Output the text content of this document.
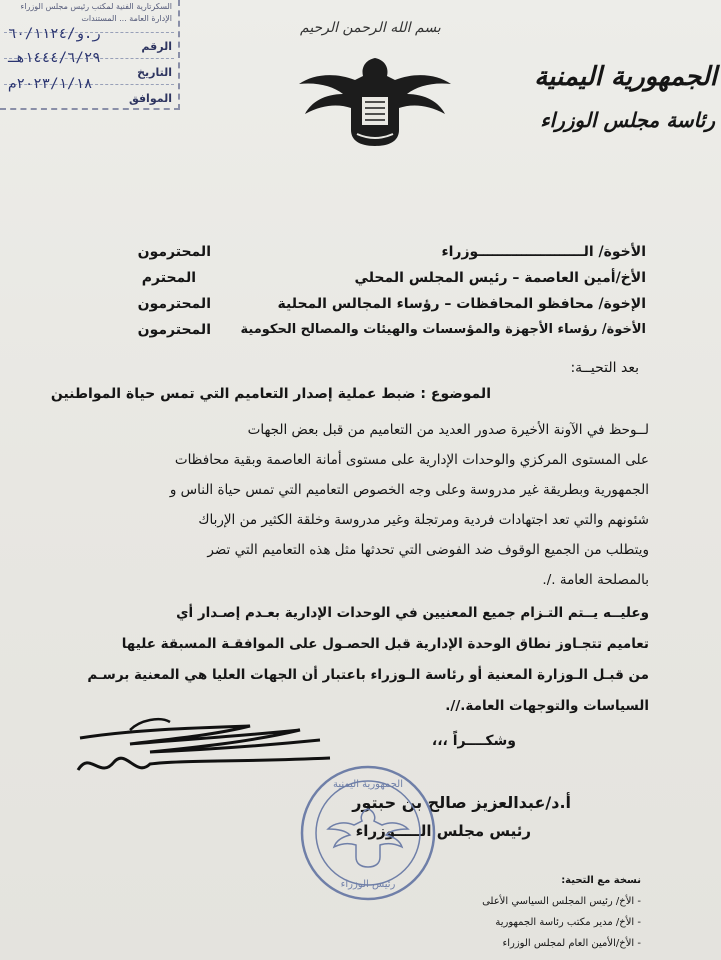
السكرتارية الفنية لمكتب رئيس مجلس الوزراء
الإدارة العامة ... المستندات
الرقم
ر.و/٦٠/١١٢٤
التاريخ
١٤٤٤/٦/٢٩هـ
الموافق
٢٠٢٣/١/١٨م
بسم الله الرحمن الرحيم
الجمهورية اليمنية
رئاسة مجلس الوزراء
الأخوة/ الــــــــــــــــــــــوزراء
المحترمون
الأخ/أمين العاصمة – رئيس المجلس المحلي
المحترم
الإخوة/ محافظو المحافظات – رؤساء المجالس المحلية
المحترمون
الأخوة/ رؤساء الأجهزة والمؤسسات والهيئات والمصالح الحكومية
المحترمون
بعد التحيــة:
الموضوع : ضبط عملية إصدار التعاميم التي تمس حياة المواطنين
لــوحظ في الآونة الأخيرة صدور العديد من التعاميم من قبل بعض الجهات
على المستوى المركزي والوحدات الإدارية على مستوى أمانة العاصمة وبقية محافظات
الجمهورية وبطريقة غير مدروسة وعلى وجه الخصوص التعاميم التي تمس حياة الناس و
شئونهم والتي تعد اجتهادات فردية ومرتجلة وغير مدروسة وخلقة الكثير من الإرباك
ويتطلب من الجميع الوقوف ضد الفوضى التي تحدثها مثل هذه التعاميم التي تضر
بالمصلحة العامة ./.
وعليــه يــتم التـزام جميع المعنيين في الوحدات الإدارية بعـدم إصـدار أي
تعاميم تتجـاوز نطاق الوحدة الإدارية قبل الحصـول على الموافقـة المسبقة عليها
من قبـل الـوزارة المعنية أو رئاسة الـوزراء باعتبار أن الجهات العليا هي المعنية برسـم
السياسات والتوجهات العامة.//.
وشكــــراً ،،،
أ.د/عبدالعزيز صالح بن حبتور
رئيس مجلس الـــــوزراء
الجمهورية اليمنية
رئيس الوزراء	نسخة مع التحية:
- الأخ/ رئيس المجلس السياسي الأعلى
- الأخ/ مدير مكتب رئاسة الجمهورية
- الأخ/الأمين العام لمجلس الوزراء
